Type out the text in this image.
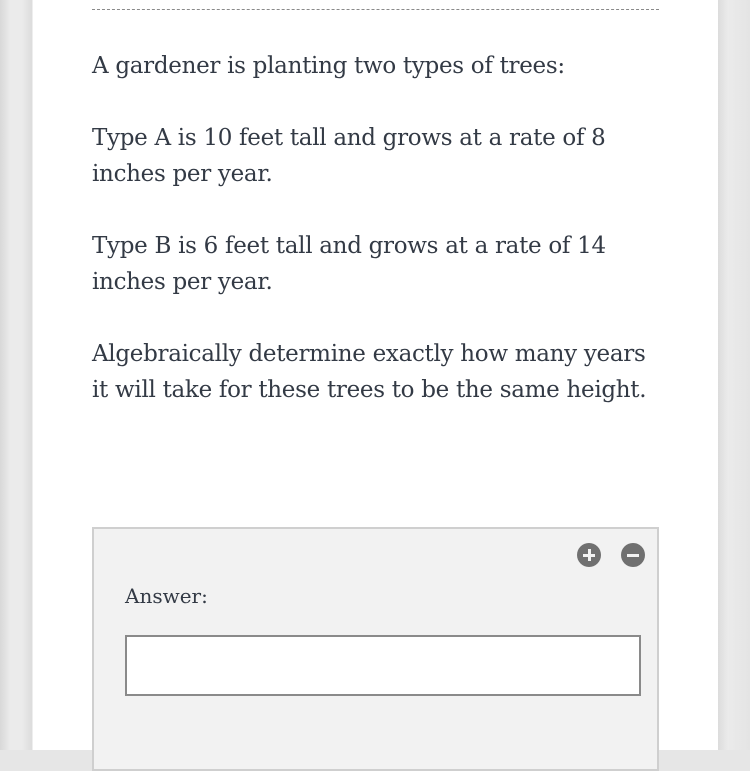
A gardener is planting two types of trees:

Type A is 10 feet tall and grows at a rate of 8 inches per year.

Type B is 6 feet tall and grows at a rate of 14 inches per year.

Algebraically determine exactly how many years it will take for these trees to be the same height.

Answer:
